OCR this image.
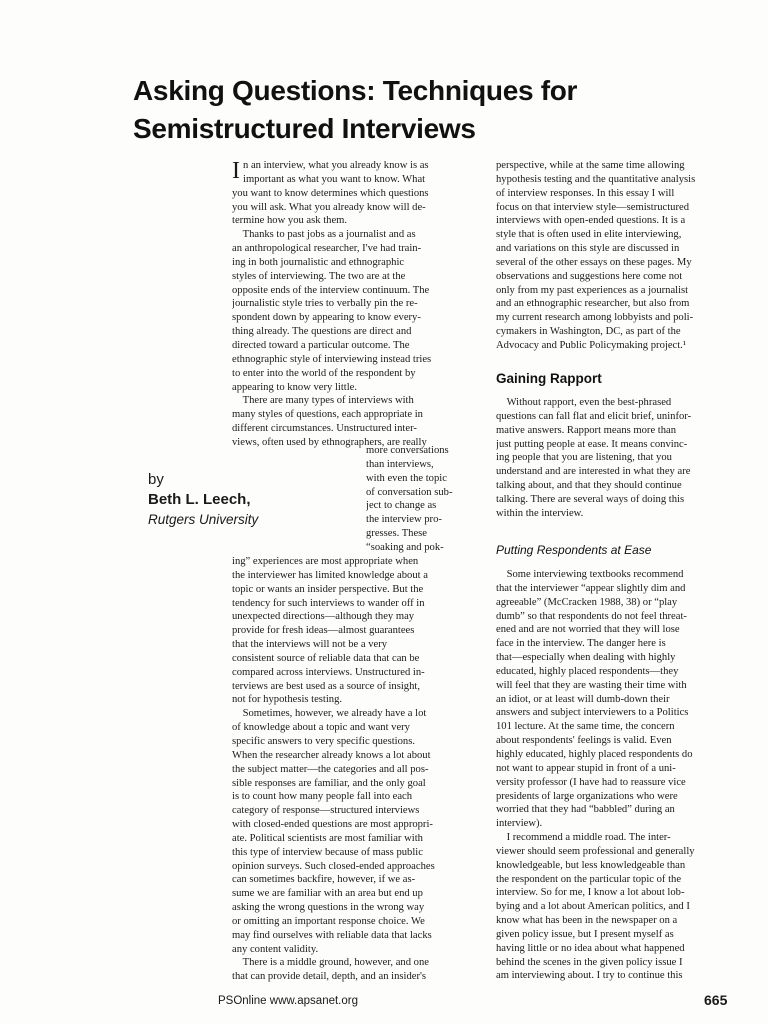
Asking Questions: Techniques for
Semistructured Interviews
by
Beth L. Leech,
Rutgers University
I n an interview, what you already know is as
important as what you want to know. What
you want to know determines which questions
you will ask. What you already know will de-
termine how you ask them.
 Thanks to past jobs as a journalist and as
an anthropological researcher, I've had train-
ing in both journalistic and ethnographic
styles of interviewing. The two are at the
opposite ends of the interview continuum. The
journalistic style tries to verbally pin the re-
spondent down by appearing to know every-
thing already. The questions are direct and
directed toward a particular outcome. The
ethnographic style of interviewing instead tries
to enter into the world of the respondent by
appearing to know very little.
 There are many types of interviews with
many styles of questions, each appropriate in
different circumstances. Unstructured inter-
views, often used by ethnographers, are really
more conversations
than interviews,
with even the topic
of conversation sub-
ject to change as
the interview pro-
gresses. These
“soaking and pok-
ing” experiences are most appropriate when
the interviewer has limited knowledge about a
topic or wants an insider perspective. But the
tendency for such interviews to wander off in
unexpected directions—although they may
provide for fresh ideas—almost guarantees
that the interviews will not be a very
consistent source of reliable data that can be
compared across interviews. Unstructured in-
terviews are best used as a source of insight,
not for hypothesis testing.
 Sometimes, however, we already have a lot
of knowledge about a topic and want very
specific answers to very specific questions.
When the researcher already knows a lot about
the subject matter—the categories and all pos-
sible responses are familiar, and the only goal
is to count how many people fall into each
category of response—structured interviews
with closed-ended questions are most appropri-
ate. Political scientists are most familiar with
this type of interview because of mass public
opinion surveys. Such closed-ended approaches
can sometimes backfire, however, if we as-
sume we are familiar with an area but end up
asking the wrong questions in the wrong way
or omitting an important response choice. We
may find ourselves with reliable data that lacks
any content validity.
 There is a middle ground, however, and one
that can provide detail, depth, and an insider's
perspective, while at the same time allowing
hypothesis testing and the quantitative analysis
of interview responses. In this essay I will
focus on that interview style—semistructured
interviews with open-ended questions. It is a
style that is often used in elite interviewing,
and variations on this style are discussed in
several of the other essays on these pages. My
observations and suggestions here come not
only from my past experiences as a journalist
and an ethnographic researcher, but also from
my current research among lobbyists and poli-
cymakers in Washington, DC, as part of the
Advocacy and Public Policymaking project.¹
Gaining Rapport
 Without rapport, even the best-phrased
questions can fall flat and elicit brief, uninfor-
mative answers. Rapport means more than
just putting people at ease. It means convinc-
ing people that you are listening, that you
understand and are interested in what they are
talking about, and that they should continue
talking. There are several ways of doing this
within the interview.
Putting Respondents at Ease
 Some interviewing textbooks recommend
that the interviewer “appear slightly dim and
agreeable” (McCracken 1988, 38) or “play
dumb” so that respondents do not feel threat-
ened and are not worried that they will lose
face in the interview. The danger here is
that—especially when dealing with highly
educated, highly placed respondents—they
will feel that they are wasting their time with
an idiot, or at least will dumb-down their
answers and subject interviewers to a Politics
101 lecture. At the same time, the concern
about respondents' feelings is valid. Even
highly educated, highly placed respondents do
not want to appear stupid in front of a uni-
versity professor (I have had to reassure vice
presidents of large organizations who were
worried that they had “babbled” during an
interview).
 I recommend a middle road. The inter-
viewer should seem professional and generally
knowledgeable, but less knowledgeable than
the respondent on the particular topic of the
interview. So for me, I know a lot about lob-
bying and a lot about American politics, and I
know what has been in the newspaper on a
given policy issue, but I present myself as
having little or no idea about what happened
behind the scenes in the given policy issue I
am interviewing about. I try to continue this
PSOnline www.apsanet.org	665
